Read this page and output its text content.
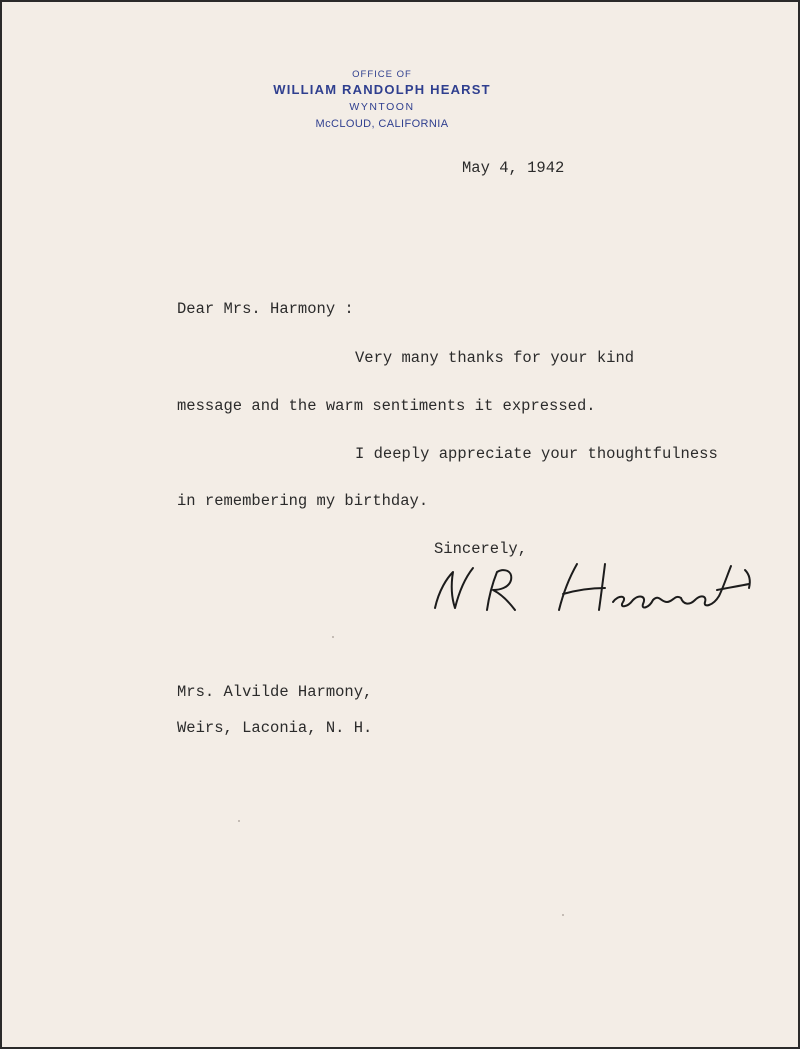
OFFICE OF
WILLIAM RANDOLPH HEARST
WYNTOON
McCLOUD, CALIFORNIA
May 4, 1942
Dear Mrs. Harmony :
Very many thanks for your kind
message and the warm sentiments it expressed.
I deeply appreciate your thoughtfulness
in remembering my birthday.
Sincerely,
Mrs. Alvilde Harmony,
Weirs, Laconia, N. H.
